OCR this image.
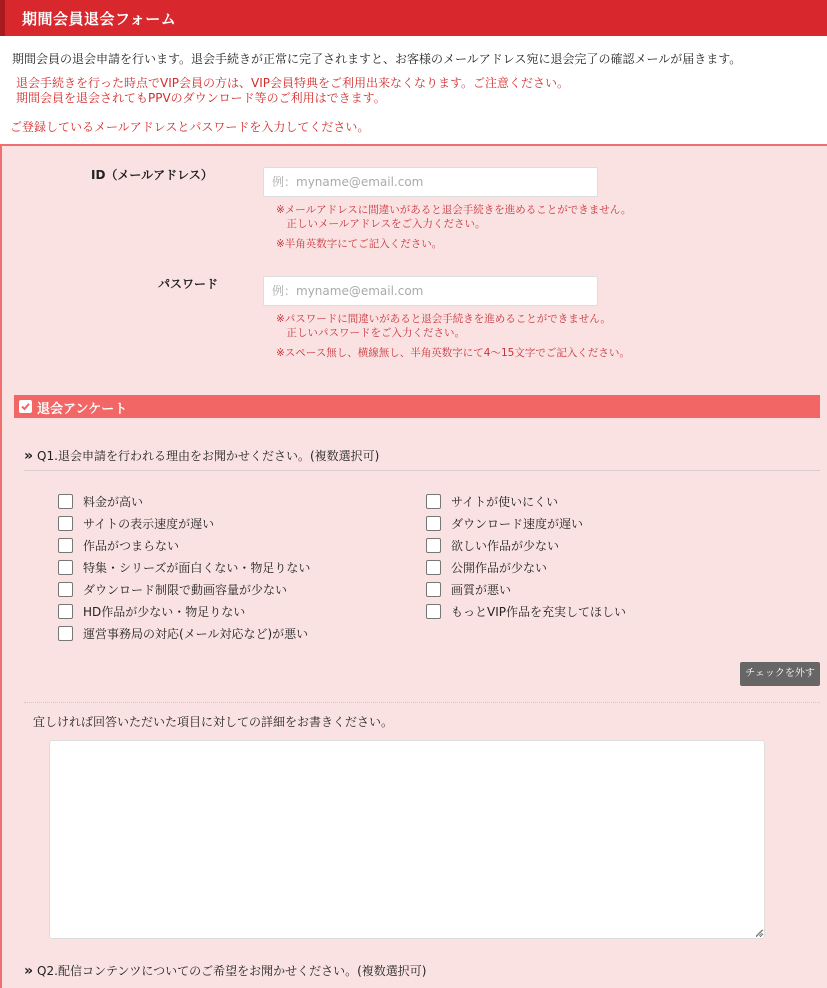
期間会員退会フォーム
期間会員の退会申請を行います。退会手続きが正常に完了されますと、お客様のメールアドレス宛に退会完了の確認メールが届きます。
退会手続きを行った時点でVIP会員の方は、VIP会員特典をご利用出来なくなります。ご注意ください。
期間会員を退会されてもPPVのダウンロード等のご利用はできます。
ご登録しているメールアドレスとパスワードを入力してください。
ID（メールアドレス）
例：myname@email.com
※メールアドレスに間違いがあると退会手続きを進めることができません。
　正しいメールアドレスをご入力ください。
※半角英数字にてご記入ください。
パスワード
例：myname@email.com
※パスワードに間違いがあると退会手続きを進めることができません。
　正しいパスワードをご入力ください。
※スペース無し、横線無し、半角英数字にて4～15文字でご記入ください。
退会アンケート
» Q1.退会申請を行われる理由をお聞かせください。(複数選択可)
料金が高い
サイトの表示速度が遅い
作品がつまらない
特集・シリーズが面白くない・物足りない
ダウンロード制限で動画容量が少ない
HD作品が少ない・物足りない
運営事務局の対応(メール対応など)が悪い
サイトが使いにくい
ダウンロード速度が遅い
欲しい作品が少ない
公開作品が少ない
画質が悪い
もっとVIP作品を充実してほしい
チェックを外す
宜しければ回答いただいた項目に対しての詳細をお書きください。
» Q2.配信コンテンツについてのご希望をお聞かせください。(複数選択可)
